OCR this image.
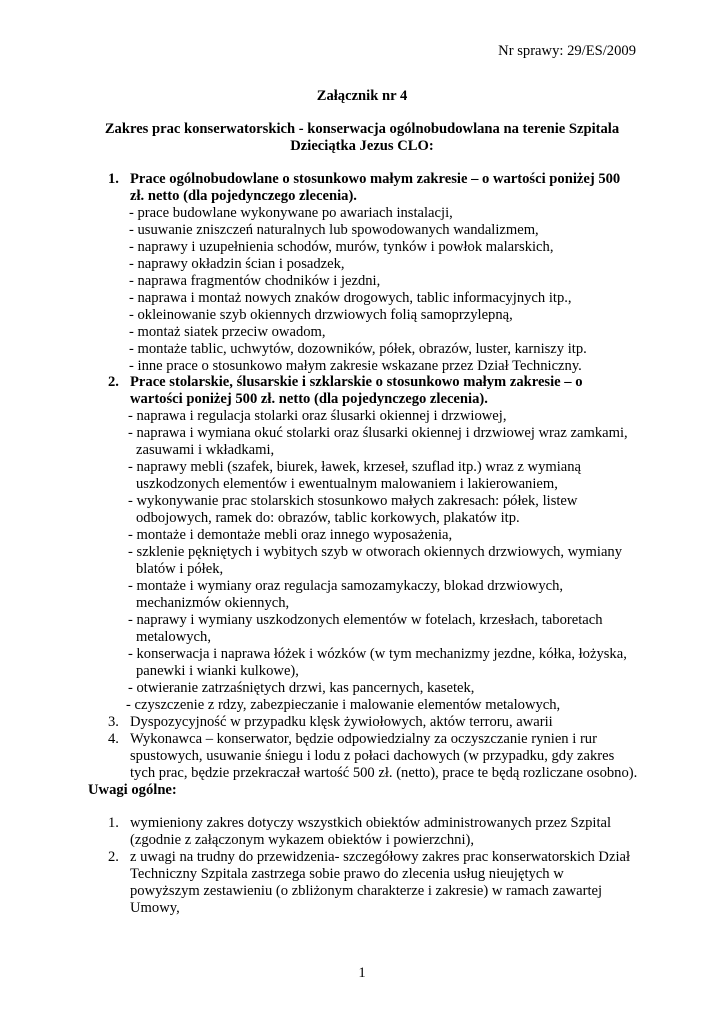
Nr sprawy: 29/ES/2009
Załącznik nr 4
Zakres prac konserwatorskich - konserwacja ogólnobudowlana na terenie Szpitala
Dzieciątka Jezus CLO:
1. Prace ogólnobudowlane o stosunkowo małym zakresie – o wartości poniżej 500
zł. netto (dla pojedynczego zlecenia).
- prace budowlane wykonywane po awariach instalacji,
- usuwanie zniszczeń naturalnych lub spowodowanych wandalizmem,
- naprawy i uzupełnienia schodów, murów, tynków i powłok malarskich,
- naprawy okładzin ścian i posadzek,
- naprawa fragmentów chodników i jezdni,
- naprawa i montaż nowych znaków drogowych, tablic informacyjnych itp.,
- okleinowanie szyb okiennych drzwiowych folią samoprzylepną,
- montaż siatek przeciw owadom,
- montaże tablic, uchwytów, dozowników, półek, obrazów, luster, karniszy itp.
- inne prace o stosunkowo małym zakresie wskazane przez Dział Techniczny.
2. Prace stolarskie, ślusarskie i szklarskie o stosunkowo małym zakresie – o
wartości poniżej 500 zł. netto (dla pojedynczego zlecenia).
- naprawa i regulacja stolarki oraz ślusarki okiennej i drzwiowej,
- naprawa i wymiana okuć stolarki oraz ślusarki okiennej i drzwiowej wraz zamkami,
zasuwami i wkładkami,
- naprawy mebli (szafek, biurek, ławek, krzeseł, szuflad itp.) wraz z wymianą
uszkodzonych elementów i ewentualnym malowaniem i lakierowaniem,
- wykonywanie prac stolarskich stosunkowo małych zakresach: półek, listew
odbojowych, ramek do: obrazów, tablic korkowych, plakatów itp.
- montaże i demontaże mebli oraz innego wyposażenia,
- szklenie pękniętych i wybitych szyb w otworach okiennych drzwiowych, wymiany
blatów i półek,
- montaże i wymiany oraz regulacja samozamykaczy, blokad drzwiowych,
mechanizmów okiennych,
- naprawy i wymiany uszkodzonych elementów w fotelach, krzesłach, taboretach
metalowych,
- konserwacja i naprawa łóżek i wózków (w tym mechanizmy jezdne, kółka, łożyska,
panewki i wianki kulkowe),
- otwieranie zatrzaśniętych drzwi, kas pancernych, kasetek,
- czyszczenie z rdzy, zabezpieczanie i malowanie elementów metalowych,
3. Dyspozycyjność w przypadku klęsk żywiołowych, aktów terroru, awarii
4. Wykonawca – konserwator, będzie odpowiedzialny za oczyszczanie rynien i rur
spustowych, usuwanie śniegu i lodu z połaci dachowych (w przypadku, gdy zakres
tych prac, będzie przekraczał wartość 500 zł. (netto), prace te będą rozliczane osobno).
Uwagi ogólne:
1. wymieniony zakres dotyczy wszystkich obiektów administrowanych przez Szpital
(zgodnie z załączonym wykazem obiektów i powierzchni),
2. z uwagi na trudny do przewidzenia- szczegółowy zakres prac konserwatorskich Dział
Techniczny Szpitala zastrzega sobie prawo do zlecenia usług nieujętych w
powyższym zestawieniu (o zbliżonym charakterze i zakresie) w ramach zawartej
Umowy,
1
